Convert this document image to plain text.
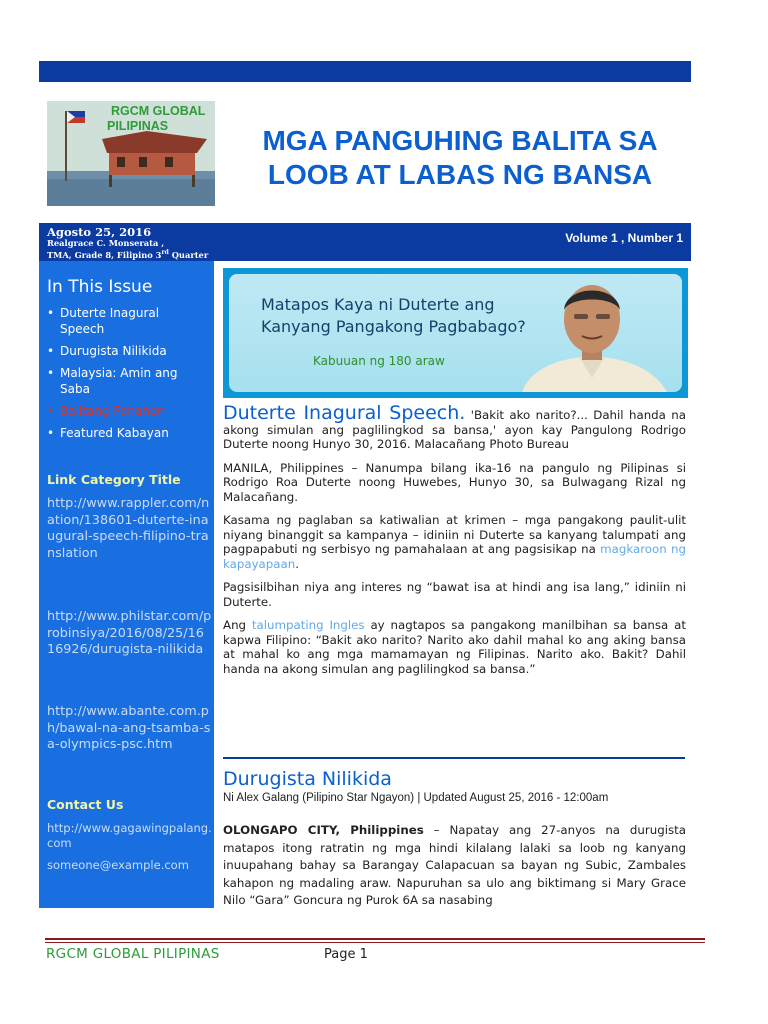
RGCM GLOBAL
PILIPINAS	MGA PANGUHING BALITA SA
LOOB AT LABAS NG BANSA
Agosto 25, 2016
Realgrace C. Monserata ,
TMA, Grade 8, Filipino 3rd Quarter
Volume 1 , Number 1
In This Issue
• Duterte Inagural Speech
• Durugista Nilikida
• Malaysia: Amin ang Saba
• Balitang Panahon
• Featured Kabayan
Link Category Title
http://www.rappler.com/nation/138601-duterte-inaugural-speech-filipino-translation
http://www.philstar.com/probinsiya/2016/08/25/1616926/durugista-nilikida
http://www.abante.com.ph/bawal-na-ang-tsamba-sa-olympics-psc.htm
Contact Us
http://www.gagawingpalang.com
someone@example.com
Matapos Kaya ni Duterte ang
Kanyang Pangakong Pagbabago?
Kabuuan ng 180 araw

Duterte Inagural Speech. 'Bakit ako narito?... Dahil handa na akong simulan ang paglilingkod sa bansa,' ayon kay Pangulong Rodrigo Duterte noong Hunyo 30, 2016. Malacañang Photo Bureau

MANILA, Philippines – Nanumpa bilang ika-16 na pangulo ng Pilipinas si Rodrigo Roa Duterte noong Huwebes, Hunyo 30, sa Bulwagang Rizal ng Malacañang.

Kasama ng paglaban sa katiwalian at krimen – mga pangakong paulit-ulit niyang binanggit sa kampanya – idiniin ni Duterte sa kanyang talumpati ang pagpapabuti ng serbisyo ng pamahalaan at ang pagsisikap na magkaroon ng kapayapaan.

Pagsisilbihan niya ang interes ng “bawat isa at hindi ang isa lang,” idiniin ni Duterte.

Ang talumpating Ingles ay nagtapos sa pangakong manilbihan sa bansa at kapwa Filipino: “Bakit ako narito? Narito ako dahil mahal ko ang aking bansa at mahal ko ang mga mamamayan ng Filipinas. Narito ako. Bakit? Dahil handa na akong simulan ang paglilingkod sa bansa.”

Durugista Nilikida
Ni Alex Galang (Pilipino Star Ngayon) | Updated August 25, 2016 - 12:00am

OLONGAPO CITY, Philippines – Napatay ang 27-anyos na durugista matapos itong ratratin ng mga hindi kilalang lalaki sa loob ng kanyang inuupahang bahay sa Barangay Calapacuan sa bayan ng Subic, Zambales kahapon ng madaling araw. Napuruhan sa ulo ang biktimang si Mary Grace Nilo “Gara” Goncura ng Purok 6A sa nasabing

RGCM GLOBAL PILIPINAS	Page 1
